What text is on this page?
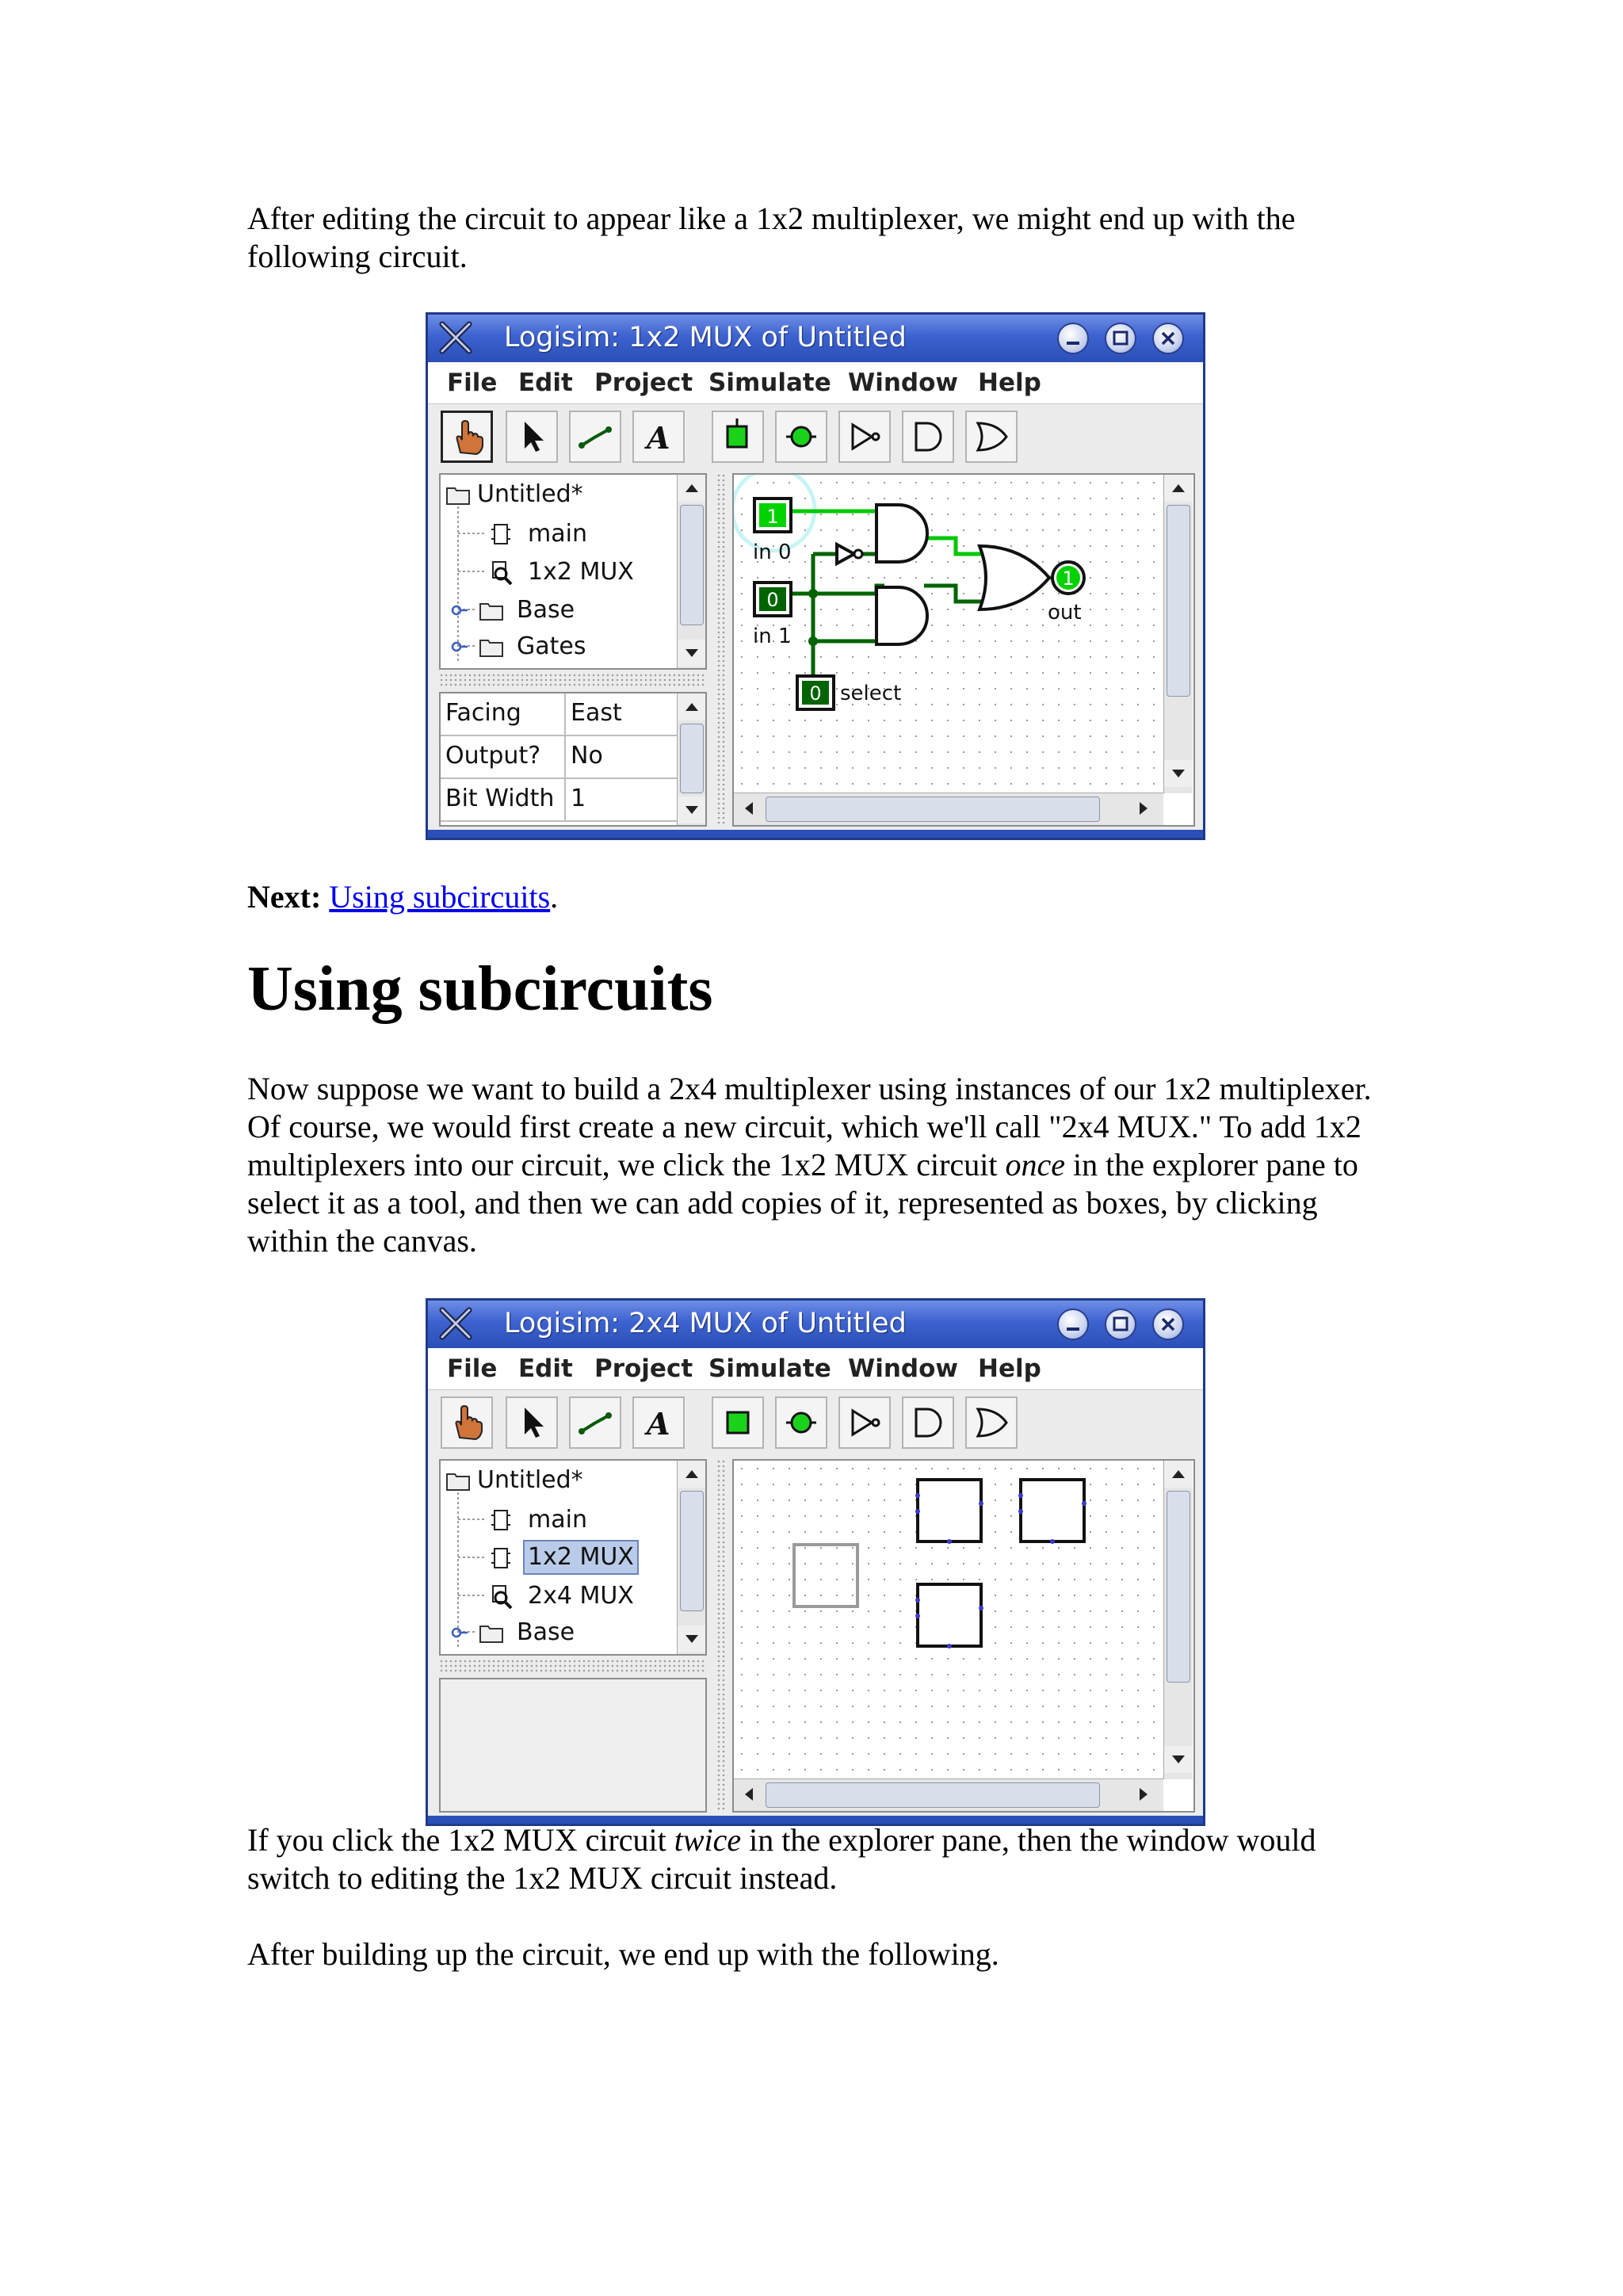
After editing the circuit to appear like a 1x2 multiplexer, we might end up with the following circuit.

Logisim: 1x2 MUX of Untitled
File Edit Project Simulate Window Help
A
Untitled*
main
1x2 MUX
Base
Gates
Facing	East
Output?	No
Bit Width 1
1
in 0
0
in 1
0 select
1
out

Next: Using subcircuits.

Using subcircuits

Now suppose we want to build a 2x4 multiplexer using instances of our 1x2 multiplexer. Of course, we would first create a new circuit, which we'll call "2x4 MUX." To add 1x2 multiplexers into our circuit, we click the 1x2 MUX circuit once in the explorer pane to select it as a tool, and then we can add copies of it, represented as boxes, by clicking within the canvas.

Logisim: 2x4 MUX of Untitled
File Edit Project Simulate Window Help
A
Untitled*
main
1x2 MUX
2x4 MUX
Base

If you click the 1x2 MUX circuit twice in the explorer pane, then the window would switch to editing the 1x2 MUX circuit instead.

After building up the circuit, we end up with the following.
